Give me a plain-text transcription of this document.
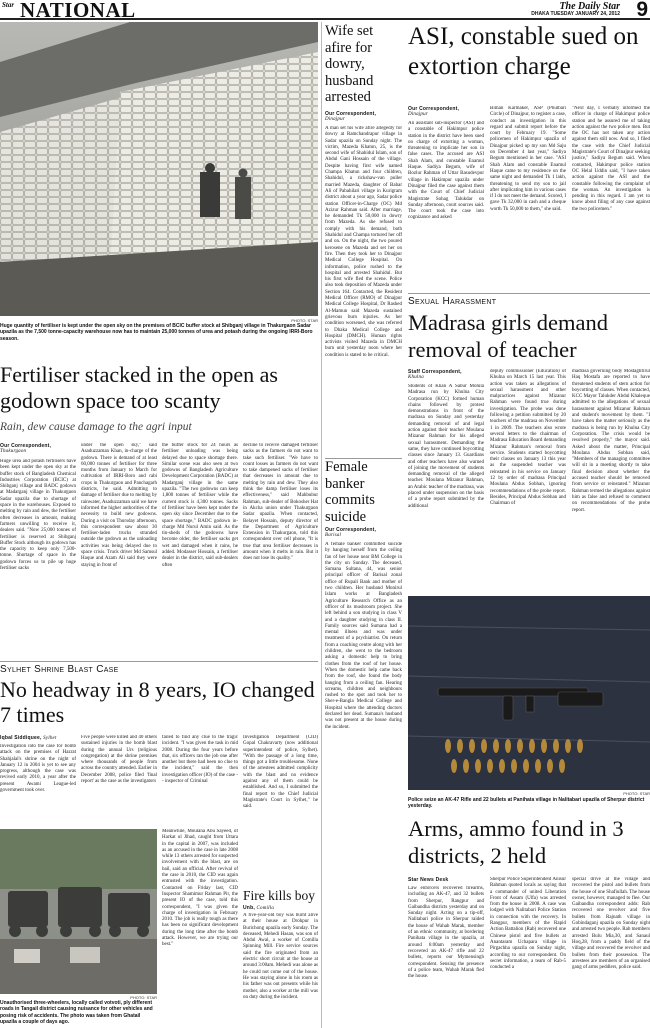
Star NATIONAL	The Daily Star
DHAKA TUESDAY JANUARY 24, 2012 9
PHOTO: STAR
Huge quantity of fertiliser is kept under the open sky on the premises of BCIC buffer stock at Shibganj village in Thakurgaon Sadar upazila as the 7,500 tonne-capacity warehouse now has to maintain 25,000 tonnes of urea and potash during the ongoing IRRI-Boro season.
Fertiliser stacked in the open as godown space too scanty
Rain, dew cause damage to the agri input
Our Correspondent,
Thakurgaon
Huge urea and potash fertilisers have been kept under the open sky at the buffer stock of Bangladesh Chemical Industries Corporation (BCIC) at Shibganj village and BADC godown at Madarganj village in Thakurgaon Sadar upazila due to shortage of space in the warehouses. Exposed to melting by rain and dew, the fertiliser often decreases in amount, making farmers unwilling to receive it, dealers said. "Now 25,000 tonnes of fertiliser is reserved at Shibganj Buffer Stock although its godown has the capacity to keep only 7,500-tonne. Shortage of space in the godown forces us to pile up huge fertiliser sacks
under the open sky," said Asaduzzaman Khan, in-charge of the godown. There is demand of at least 60,000 tonnes of fertiliser for three months from January to March for cultivation of IRRI-Boro and rabi crops in Thakurgaon and Panchagarh districts, he said. Admitting to damage of fertiliser due to melting by rainwater, Asaduzzaman said we have informed the higher authorities of the necessity to build new godowns. During a visit on Thursday afternoon, this correspondent saw about 30 fertiliser-laden trucks stranded outside the godown as the unloading activities was being delayed due to space crisis. Truck driver Md Samsul Haque and Azam Ali said they were staying in front of
the buffer stock for 24 hours as fertiliser unloading was being delayed due to space shortage there. Similar scene was also seen at two godowns of Bangladesh Agriculture Development Corporation (BADC) at Madarganj village in the same upazila. "The two godowns can keep 1,800 tonnes of fertiliser while the current stock is 4,300 tonnes. Sacks of fertiliser have been kept under the open sky since December due to the space shortage," BADC godown in-charge Md Nurul Amin said. As the tin-sheds of the godowns have become older, the fertiliser sacks get wet and damaged when it rains, he added. Modasser Hossain, a fertiliser dealer in the district, said sub-dealers often
decline to receive damaged fertiliser sacks as the farmers do not want to take such fertiliser. "We have to count losses as farmers do not want to take dampened sacks of fertiliser that decreases in amount due to melting by rain and dew. They also think the damp fertiliser loses its effectiveness," said Mahbubur Rahman, sub-dealer of Bokosher Hat in Akcha union under Thakurgaon Sadar upazila. When contacted, Belayet Hossain, deputy director of the Department of Agriculture Extension in Thakurgaon, told this correspondent over cell phone, "It is true that urea fertiliser decreases in amount when it melts in rain. But it does not lose its quality."
Sylhet Shrine Blast Case
No headway in 8 years, IO changed 7 times
Iqbal Siddiquee, Sylhet
Investigation into the case for bomb attack on the premises of Hazrat Shahjalal's shrine on the night of January 12 in 2004 is yet to see any progress, although the case was revived early 2010, a year after the present Awami League-led government took over.
Five people were killed and 40 others sustained injuries in the bomb blast during the annual Urs (religious congregation) at the shrine premises where thousands of people from across the country attended. Earlier in December 2008, police filed 'final report' as the case as the investigators
failed to find any clue to the tragic incident. "I was given the task in mid 2008. During the four years before that, six officers ran the job one after another but there had been no clue to the incident," said the then investigation officer (IO) of the case -- inspector of Criminal
Investigation Department (CID) Gopal Chakravarty (now additional superintendent of police, Sylhet). "With the passage of a long time, things got a little troublesome. None of the arrestees admitted complicity with the blast and no evidence against any of them could be established. And so, I submitted the final report to the Chief Judicial Magistrate's Court in Sylhet," he said.
PHOTO: STAR
Unauthorised three-wheelers, locally called votvoti, ply different roads in Tangail district causing nuisance for other vehicles and posing risk of accidents. The photo was taken from Ghatail upazila a couple of days ago.
Meanwhile, Moulana Abu Sayeed, of Harkat ul Jihad, caught from Uttara in the capital in 2007, was included as an accused in the case in late 2008 while 13 others arrested for suspected involvement with the blast, are on bail, said an official. After revival of the case in 2010, the CID was again entrusted with the investigation. Contacted on Friday last, CID Inspector Shamimur Rahman Pir, the present IO of the case, told this correspondent, "I was given the charge of investigation in February 2010. The job is really tough as there has been no significant development during the long time after the bomb attack. However, we are trying our best."
Fire kills boy
Unb, Comilla
A five-year-old boy was burnt alive at their house at Drohpur in Burichong upazila early Sunday. The deceased, Mehedi Hasan, was son of Abdul Awal, a worker of Comilla Spinning Mill. Fire service sources said the fire originated from an electric short circuit at the house at around 3:00am. Mehedi was alone as he could not come out of the house. He was staying alone in his room as his father was out presents while his mother, also a worker at the mill was on duty during the incident.
Wife set afire for dowry, husband arrested
Our Correspondent,
Dinajpur
A man set his wife afire allegedly for dowry at Ramchandrapur village in Sadar upazila on Sunday night. The victim, Mazeda Khatun, 25, is the second wife of Shahidul Islam, son of Abdul Gani Hossain of the village. Despite having first wife named Champa Khatun and four children, Shahidul, a rickshaw-van puller married Mazeda, daughter of Babar Ali of Pabahilari village in Kurigram district about a year ago, Sadar police station Officer-in-Charge (OC) Md Azizur Rahman said. After marriage, he demanded Tk 50,000 in dowry from Mazeda. As she refused to comply with his demand, both Shahidul and Champa tortured her off and on. On the night, the two poured kerosene on Mazeda and set her on fire. Then they took her to Dinajpur Medical College Hospital. On information, police rushed to the hospital and arrested Shahidul. But his first wife fled the scene. Police also took deposition of Mazeda under Section 164. Contacted, the Resident Medical Officer (RMO) of Dinajpur Medical College Hospital, Dr Rashed Al-Mamun said Mazeda sustained grievous burn injuries. As her condition worsened, she was referred to Dhaka Medical College and Hospital (DMCH). Human rights activists visited Mazeda in DMCH burn unit yesterday noon where her condition is stated to be critical.
Female banker commits suicide
Our Correspondent,
Barisal
A female banker committed suicide by hanging herself from the ceiling fan of her house near BM College in the city on Sunday. The deceased, Sumana Sultana, 44, was senior principal officer of Barisal zonal office of Rupali Bank and mother of two children. Her husband Monirul Islam works at Bangladesh Agriculture Research Office as an officer of its mushroom project. She left behind a son studying in class V and a daughter studying in class II. Family sources said Sumana had a mental illness and was under treatment of a psychiatrist. On return from a coaching centre along with her children, she went to the bedroom asking a domestic help to bring clothes from the roof of her house. When the domestic help came back from the roof, she found the body hanging from a ceiling fan. Hearing screams, children and neighbours rushed to the spot and took her to Sher-e-Bangla Medical College and Hospital where the attending doctors declared her dead. Sumana's husband was not present at the house during the incident.
ASI, constable sued on extortion charge
Our Correspondent,
Dinajpur
An assistant sub-inspector (ASI) and a constable of Hakimpur police station in the district have been sued on charge of extorting a woman, threatening to implicate her son in false cases. The accused are ASI Shah Alam, and constable Enamul Haque. Sadiya Begum, wife of Bozlur Rahman of Uttar Basudevpur village in Hakimpur upazila under Dinajpur filed the case against them with the Court of Chief Judicial Magistrate Sohag Talukdar on Sunday afternoon, court sources said. The court took the case into cognizance and asked
Biman Karmaker, ASP (Phulbari Circle) of Dinajpur, to register a case, conduct an investigation in this regard and submit report before the court by February 19. "Some policemen of Hakimpur upazila of Dinajpur picked up my son Md Saju on December 4 last year," Sadiya Begum mentioned in her case. "ASI Shah Alam and constable Enamul Haque came to my residence on the same night and demanded Tk 1 lakh, threatening to send my son to jail after implicating him in various cases if I do not meet the demand. Scored, I gave Tk 32,000 in cash and a cheque worth Tk 50,000 to them," she said.
"Next day, I verbally informed the officer in charge of Hakimpur police station and he assured me of taking action against the two police men. But the OC has not taken any action against them still now. And so, I filed the case with the Chief Judicial Magistrate's Court of Dinajpur seeking justice," Sadiya Begum said. When contacted, Hakimpur police station OC Helal Uddin said, "I have taken action against the ASI and the constable following the complaint of the woman. An investigation is pending in this regard. I am yet to know about filing of any case against the two policemen."
Sexual Harassment
Madrasa girls demand removal of teacher
Staff Correspondent,
Khulna
Students of Khan A Sabur Mohila Madrasa run by Khulna City Corporation (KCC) formed human chains followed by protest demonstrations in front of the madrasa on Sunday and yesterday demanding removal of and legal action against their teacher Moulana Mizanur Rahman for his alleged sexual harassment. Demanding the same, they have continued boycotting classes since January 13. Guardians and other teachers have also warned of joining the movement of students demanding removal of the alleged teacher. Moulana Mizanur Rahman, an Arabic teacher of the madrasa, was placed under suspension on the basis of a probe report submitted by the additional
deputy commissioner (Education) of Khulna on March 15 last year. This action was taken as allegations of sexual harassment and other malpractices against Mizanur Rahman were found true during investigation. The probe was done following a petition submitted by 20 teachers of the madrasa on November 1 in 2009. The teachers also wrote several letters to the chairman of Madrasa Education Board demanding Mizanur Rahman's removal from service. Students started boycotting their classes on January 13 this year as the suspended teacher was reinstated in his service on January 12 by order of madrasa Principal Moulana Abdus Sobhan, ignoring recommendations of the probe report. Besides, Principal Abdus Sobhan and Chairman of
madrasa governing body Mostaghfirul Haq Mostafa are reported to have threatened students of stern action for boycotting of classes. When contacted, KCC Mayor Talukder Abdul Khaleque admitted to the allegations of sexual harassment against Mizanur Rahman and student's movement by them. "I have taken the matter seriously as the madrasa is being run by Khulna City Corporation. The crisis would be resolved properly," the mayor said. Asked about the matter, Principal Moulana Abdus Sobhan said, "Members of the managing committee will sit in a meeting shortly to take final decision about whether the accused teacher should be removed from service or reinstated." Mizanur Rahman termed the allegations against him as false and refused to comment on recommendations of the probe report.
PHOTO: STAR
Police seize an AK-47 Rifle and 22 bullets at Panihata village in Nalitabari upazila of Sherpur district yesterday.
Arms, ammo found in 3 districts, 2 held
Star News Desk
Law enforcers recovered firearms, including an AK-47, and 32 bullets from Sherpur, Rangpur and Gaibandha districts yesterday and on Sunday night. Acting on a tip-off, Nalitabari police in Sherpur raided the house of Wahab Marak, member of an ethnic community, at bordering Panihata village in the upazila, at around 6:00am yesterday and recovered an AK-47 rifle and 22 bullets, reports our Mymensingh correspondent. Sensing the presence of a police team, Wahab Marak fled the house.
Sherpur Police Superintendent Anisur Rahman quoted locals as saying that a commander of united Liberation Front of Assam (Ulfa) was arrested from the house in 2008. A case was lodged with Nalitabari Police Station in connection with the recovery. In Rangpur, members of the Rapid Action Battalion (Rab) recovered one Chinese pistol and five bullets at Anantaram Uchapara village in Pirgachha upazila on Sunday night, according to our correspondent. On secret information, a team of Rab-5 conducted a
special drive at the village and recovered the pistol and bullets from the house of one Shafiullah. The house owner, however, managed to flee. Our Gaibandha correspondent adds: Rab recovered one revolver and five bullets from Rajnath village in Gobindaganj upazila on Sunday night and arrested two people. Rab members arrested Bulu Mia,30, and Sanaul Hoq,28, from a paddy field of the village and recovered the revolver and bullets from their possession. The arrestees are members of an organised gang of arms peddlers, police said.
